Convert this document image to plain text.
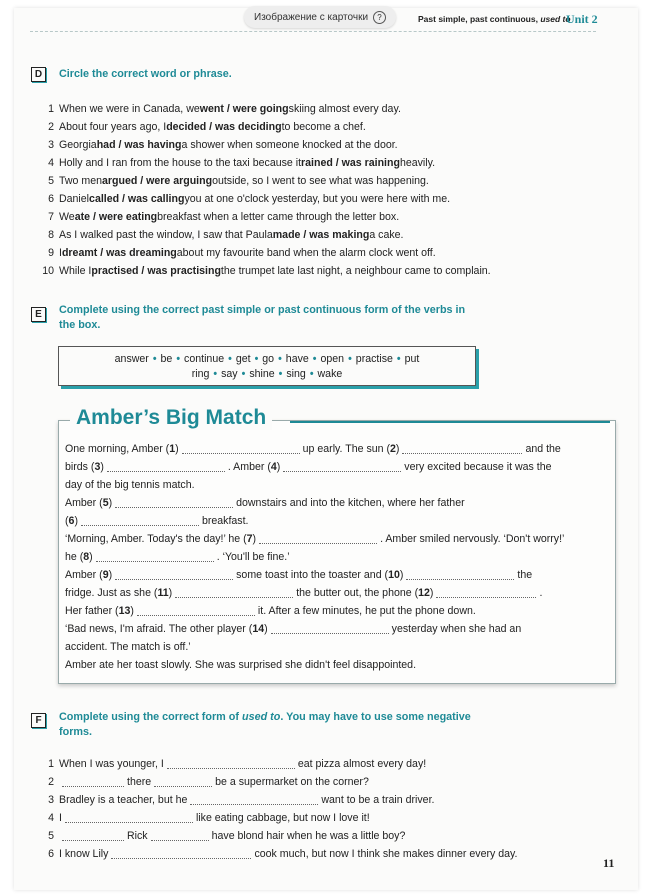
Изображение с карточки	?	Past simple, past continuous, used to
Unit 2
D	Circle the correct word or phrase.
1 When we were in Canada, we went / were going skiing almost every day.
2 About four years ago, I decided / was deciding to become a chef.
3 Georgia had / was having a shower when someone knocked at the door.
4 Holly and I ran from the house to the taxi because it rained / was raining heavily.
5 Two men argued / were arguing outside, so I went to see what was happening.
6 Daniel called / was calling you at one o'clock yesterday, but you were here with me.
7 We ate / were eating breakfast when a letter came through the letter box.
8 As I walked past the window, I saw that Paula made / was making a cake.
9 I dreamt / was dreaming about my favourite band when the alarm clock went off.
10 While I practised / was practising the trumpet late last night, a neighbour came to complain.
E	Complete using the correct past simple or past continuous form of the verbs in
the box.
answer • be • continue • get • go • have • open • practise • put
ring • say • shine • sing • wake
Amber’s Big Match
One morning, Amber ( 1 )	up early. The sun ( 2 )	and the
birds ( 3 )	. Amber ( 4 )	very excited because it was the
day of the big tennis match.
Amber ( 5 )	downstairs and into the kitchen, where her father
( 6 )	breakfast.
‘Morning, Amber. Today's the day!’ he ( 7 )	. Amber smiled nervously. ‘Don't worry!’
he ( 8 )	. ‘You'll be fine.’
Amber ( 9 )	some toast into the toaster and ( 10 )	the
fridge. Just as she ( 11 )	the butter out, the phone ( 12 )	.
Her father ( 13 )	it. After a few minutes, he put the phone down.
‘Bad news, I'm afraid. The other player ( 14 )	yesterday when she had an
accident. The match is off.’
Amber ate her toast slowly. She was surprised she didn't feel disappointed.
F	Complete using the correct form of used to. You may have to use some negative
forms.
1 When I was younger, I	eat pizza almost every day!
2	there	be a supermarket on the corner?
3 Bradley is a teacher, but he	want to be a train driver.
4 I	like eating cabbage, but now I love it!
5	Rick	have blond hair when he was a little boy?
6 I know Lily	cook much, but now I think she makes dinner every day.
11
